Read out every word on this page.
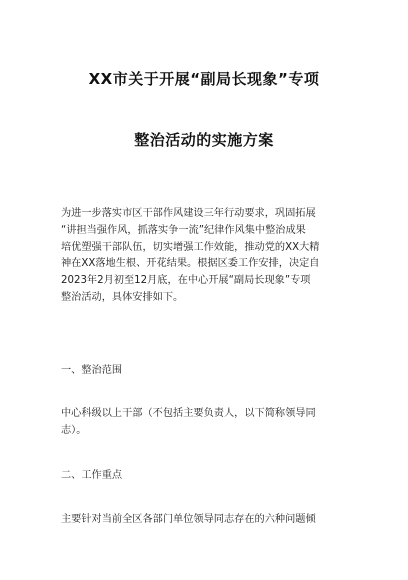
XX市关于开展“副局长现象”专项
整治活动的实施方案
为进一步落实市区干部作风建设三年行动要求，巩固拓展
“讲担当强作风，抓落实争一流”纪律作风集中整治成果
培优塑强干部队伍，切实增强工作效能，推动党的XX大精
神在XX落地生根、开花结果。根据区委工作安排，决定自
2023年2月初至12月底，在中心开展“副局长现象”专项
整治活动，具体安排如下。
一、整治范围
中心科级以上干部（不包括主要负责人，以下简称领导同
志）。
二、工作重点
主要针对当前全区各部门单位领导同志存在的六种问题倾
